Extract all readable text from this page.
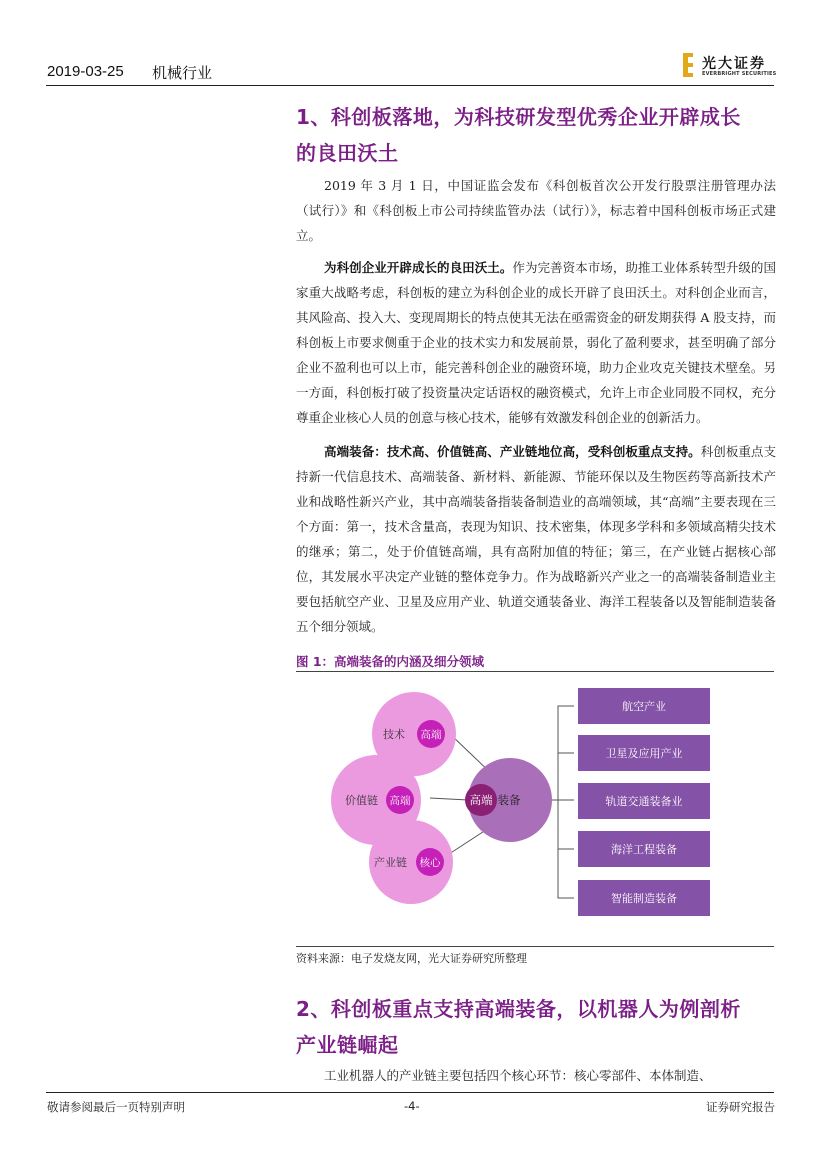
2019-03-25 机械行业	光大证券
EVERBRIGHT SECURITIES
1、科创板落地，为科技研发型优秀企业开辟成长
的良田沃土
2019 年 3 月 1 日，中国证监会发布《科创板首次公开发行股票注册管理办法（试行）》和《科创板上市公司持续监管办法（试行）》，标志着中国科创板市场正式建立。
为科创企业开辟成长的良田沃土。作为完善资本市场，助推工业体系转型升级的国家重大战略考虑，科创板的建立为科创企业的成长开辟了良田沃土。对科创企业而言，其风险高、投入大、变现周期长的特点使其无法在亟需资金的研发期获得 A 股支持，而科创板上市要求侧重于企业的技术实力和发展前景，弱化了盈利要求，甚至明确了部分企业不盈利也可以上市，能完善科创企业的融资环境，助力企业攻克关键技术壁垒。另一方面，科创板打破了投资量决定话语权的融资模式，允许上市企业同股不同权，充分尊重企业核心人员的创意与核心技术，能够有效激发科创企业的创新活力。
高端装备：技术高、价值链高、产业链地位高，受科创板重点支持。科创板重点支持新一代信息技术、高端装备、新材料、新能源、节能环保以及生物医药等高新技术产业和战略性新兴产业，其中高端装备指装备制造业的高端领域，其“高端”主要表现在三个方面：第一，技术含量高，表现为知识、技术密集，体现多学科和多领域高精尖技术的继承；第二，处于价值链高端，具有高附加值的特征；第三，在产业链占据核心部位，其发展水平决定产业链的整体竞争力。作为战略新兴产业之一的高端装备制造业主要包括航空产业、卫星及应用产业、轨道交通装备业、海洋工程装备以及智能制造装备五个细分领域。
图 1：高端装备的内涵及细分领域
技术 高端
价值链 高端
产业链 核心
高端 装备
航空产业
卫星及应用产业
轨道交通装备业
海洋工程装备
智能制造装备
资料来源：电子发烧友网，光大证券研究所整理
2、科创板重点支持高端装备，以机器人为例剖析
产业链崛起
工业机器人的产业链主要包括四个核心环节：核心零部件、本体制造、
敬请参阅最后一页特别声明	-4-	证券研究报告
